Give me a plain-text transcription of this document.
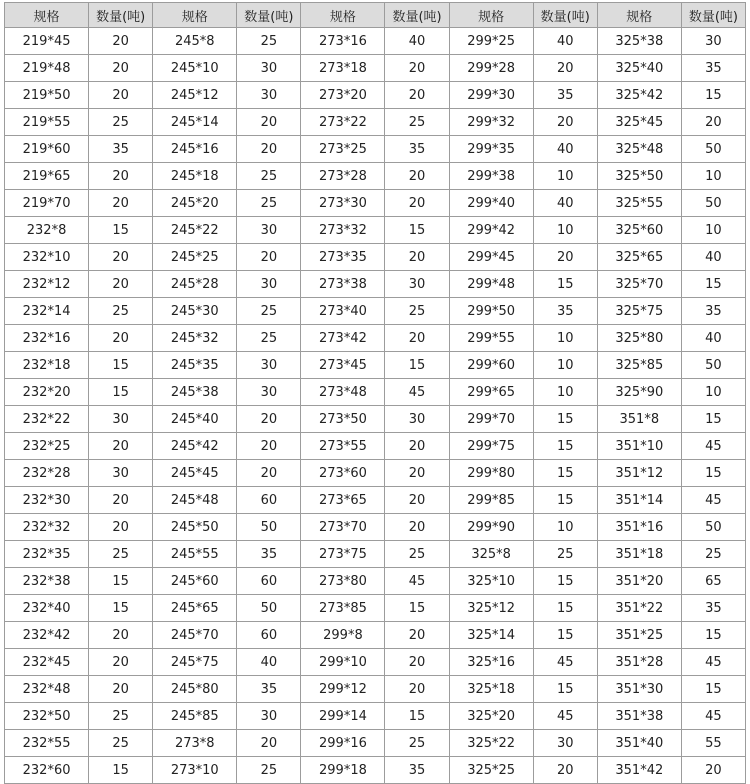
规格	数量(吨)	规格	数量(吨)	规格	数量(吨)	规格	数量(吨)	规格	数量(吨)
219*45	20	245*8	25	273*16	40	299*25	40	325*38	30
219*48	20	245*10	30	273*18	20	299*28	20	325*40	35
219*50	20	245*12	30	273*20	20	299*30	35	325*42	15
219*55	25	245*14	20	273*22	25	299*32	20	325*45	20
219*60	35	245*16	20	273*25	35	299*35	40	325*48	50
219*65	20	245*18	25	273*28	20	299*38	10	325*50	10
219*70	20	245*20	25	273*30	20	299*40	40	325*55	50
232*8	15	245*22	30	273*32	15	299*42	10	325*60	10
232*10	20	245*25	20	273*35	20	299*45	20	325*65	40
232*12	20	245*28	30	273*38	30	299*48	15	325*70	15
232*14	25	245*30	25	273*40	25	299*50	35	325*75	35
232*16	20	245*32	25	273*42	20	299*55	10	325*80	40
232*18	15	245*35	30	273*45	15	299*60	10	325*85	50
232*20	15	245*38	30	273*48	45	299*65	10	325*90	10
232*22	30	245*40	20	273*50	30	299*70	15	351*8	15
232*25	20	245*42	20	273*55	20	299*75	15	351*10	45
232*28	30	245*45	20	273*60	20	299*80	15	351*12	15
232*30	20	245*48	60	273*65	20	299*85	15	351*14	45
232*32	20	245*50	50	273*70	20	299*90	10	351*16	50
232*35	25	245*55	35	273*75	25	325*8	25	351*18	25
232*38	15	245*60	60	273*80	45	325*10	15	351*20	65
232*40	15	245*65	50	273*85	15	325*12	15	351*22	35
232*42	20	245*70	60	299*8	20	325*14	15	351*25	15
232*45	20	245*75	40	299*10	20	325*16	45	351*28	45
232*48	20	245*80	35	299*12	20	325*18	15	351*30	15
232*50	25	245*85	30	299*14	15	325*20	45	351*38	45
232*55	25	273*8	20	299*16	25	325*22	30	351*40	55
232*60	15	273*10	25	299*18	35	325*25	20	351*42	20
